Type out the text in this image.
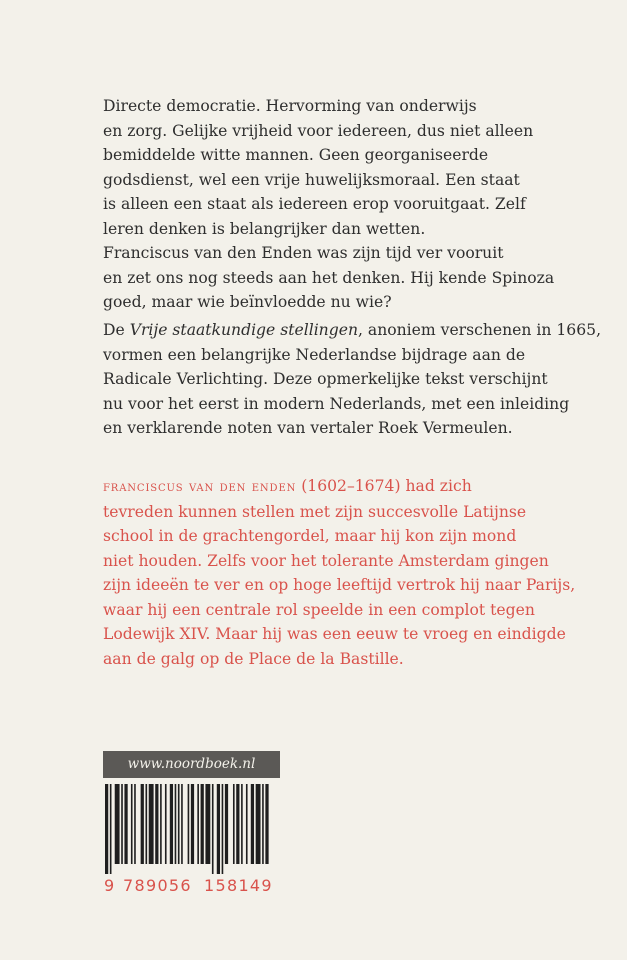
Directe democratie. Hervorming van onderwijs
en zorg. Gelijke vrijheid voor iedereen, dus niet alleen
bemiddelde witte mannen. Geen georganiseerde
godsdienst, wel een vrije huwelijksmoraal. Een staat
is alleen een staat als iedereen erop vooruitgaat. Zelf
leren denken is belangrijker dan wetten.
Franciscus van den Enden was zijn tijd ver vooruit
en zet ons nog steeds aan het denken. Hij kende Spinoza
goed, maar wie beïnvloedde nu wie?
De Vrije staatkundige stellingen, anoniem verschenen in 1665,
vormen een belangrijke Nederlandse bijdrage aan de
Radicale Verlichting. Deze opmerkelijke tekst verschijnt
nu voor het eerst in modern Nederlands, met een inleiding
en verklarende noten van vertaler Roek Vermeulen.
franciscus van den enden (1602–1674) had zich
tevreden kunnen stellen met zijn succesvolle Latijnse
school in de grachtengordel, maar hij kon zijn mond
niet houden. Zelfs voor het tolerante Amsterdam gingen
zijn ideeën te ver en op hoge leeftijd vertrok hij naar Parijs,
waar hij een centrale rol speelde in een complot tegen
Lodewijk XIV. Maar hij was een eeuw te vroeg en eindigde
aan de galg op de Place de la Bastille.
www.noordboek.nl
9 789056 158149
